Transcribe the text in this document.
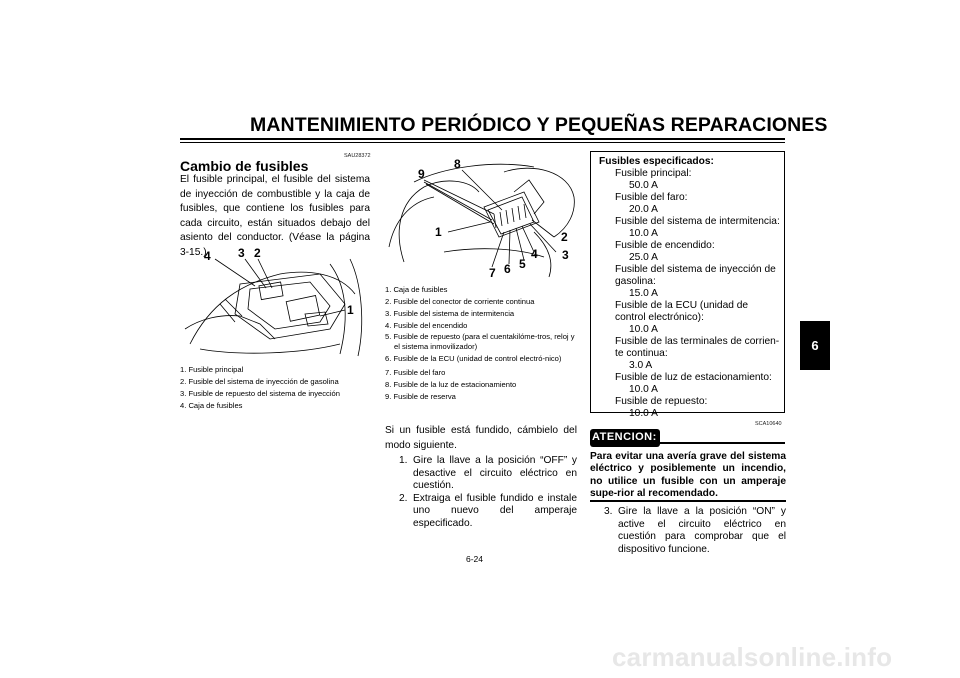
MANTENIMIENTO PERIÓDICO Y PEQUEÑAS REPARACIONES
SAU28372
Cambio de fusibles
El fusible principal, el fusible del sistema de inyección de combustible y la caja de fusibles, que contiene los fusibles para cada circuito, están situados debajo del asiento del conductor. (Véase la página 3-15.)
4 3 2
1
1. Fusible principal
2. Fusible del sistema de inyección de gasolina
3. Fusible de repuesto del sistema de inyección
4. Caja de fusibles
9
8
1	2
4 3
5
6
7
1. Caja de fusibles
2. Fusible del conector de corriente continua
3. Fusible del sistema de intermitencia
4. Fusible del encendido
5. Fusible de repuesto (para el cuentakilóme-tros, reloj y el sistema inmovilizador)
6. Fusible de la ECU (unidad de control electró-nico)
7. Fusible del faro
8. Fusible de la luz de estacionamiento
9. Fusible de reserva
Si un fusible está fundido, cámbielo del modo siguiente.
1. Gire la llave a la posición “OFF” y desactive el circuito eléctrico en cuestión.
2. Extraiga el fusible fundido e instale uno nuevo del amperaje especificado.
Fusibles especificados:
Fusible principal:
50.0 A
Fusible del faro:
20.0 A
Fusible del sistema de intermitencia:
10.0 A
Fusible de encendido:
25.0 A
Fusible del sistema de inyección de gasolina:
15.0 A
Fusible de la ECU (unidad de control electrónico):
10.0 A
Fusible de las terminales de corrien-te continua:
3.0 A
Fusible de luz de estacionamiento:
10.0 A
Fusible de repuesto:
10.0 A
SCA10640
ATENCION:
Para evitar una avería grave del sistema eléctrico y posiblemente un incendio, no utilice un fusible con un amperaje supe-rior al recomendado.
3. Gire la llave a la posición “ON” y active el circuito eléctrico en cuestión para comprobar que el dispositivo funcione.
6
6-24
carmanualsonline.info
